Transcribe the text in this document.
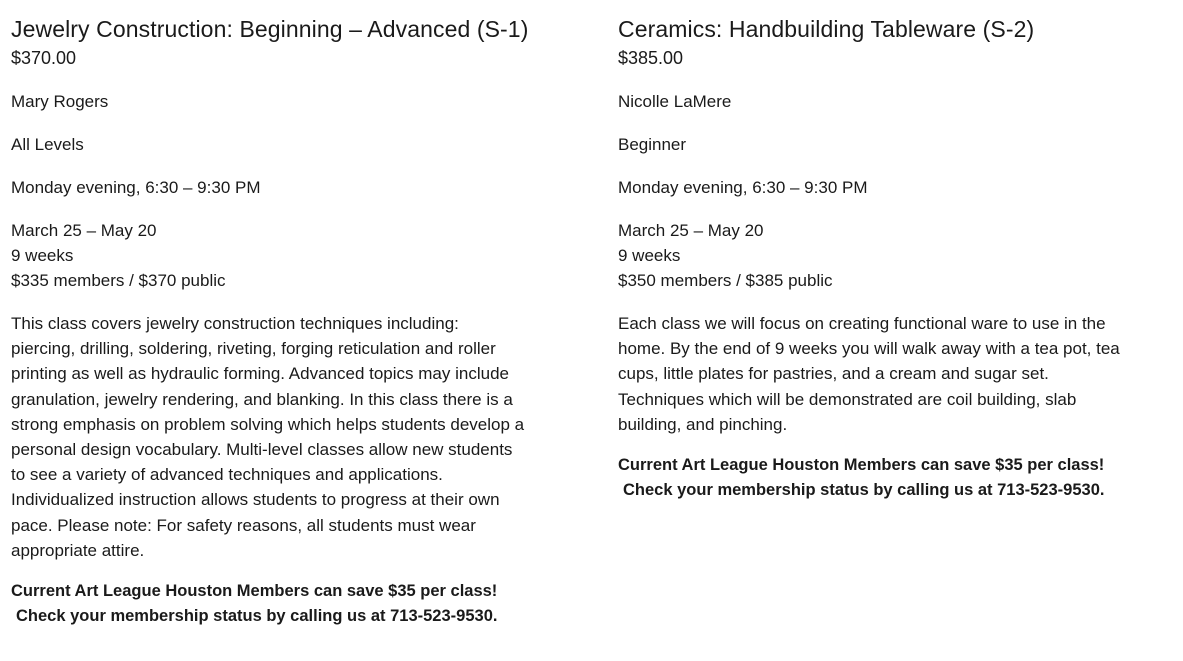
Jewelry Construction: Beginning – Advanced (S-1)
$370.00

Mary Rogers

All Levels

Monday evening, 6:30 – 9:30 PM

March 25 – May 20

9 weeks

$335 members / $370 public

This class covers jewelry construction techniques including:
piercing, drilling, soldering, riveting, forging reticulation and roller
printing as well as hydraulic forming. Advanced topics may include
granulation, jewelry rendering, and blanking. In this class there is a
strong emphasis on problem solving which helps students develop a
personal design vocabulary. Multi-level classes allow new students
to see a variety of advanced techniques and applications.
Individualized instruction allows students to progress at their own
pace. Please note: For safety reasons, all students must wear
appropriate attire.
Current Art League Houston Members can save $35 per class!
Check your membership status by calling us at 713-523-9530.
Ceramics: Handbuilding Tableware (S-2)
$385.00

Nicolle LaMere

Beginner

Monday evening, 6:30 – 9:30 PM

March 25 – May 20

9 weeks

$350 members / $385 public

Each class we will focus on creating functional ware to use in the
home. By the end of 9 weeks you will walk away with a tea pot, tea
cups, little plates for pastries, and a cream and sugar set.
Techniques which will be demonstrated are coil building, slab
building, and pinching.
Current Art League Houston Members can save $35 per class!
Check your membership status by calling us at 713-523-9530.
